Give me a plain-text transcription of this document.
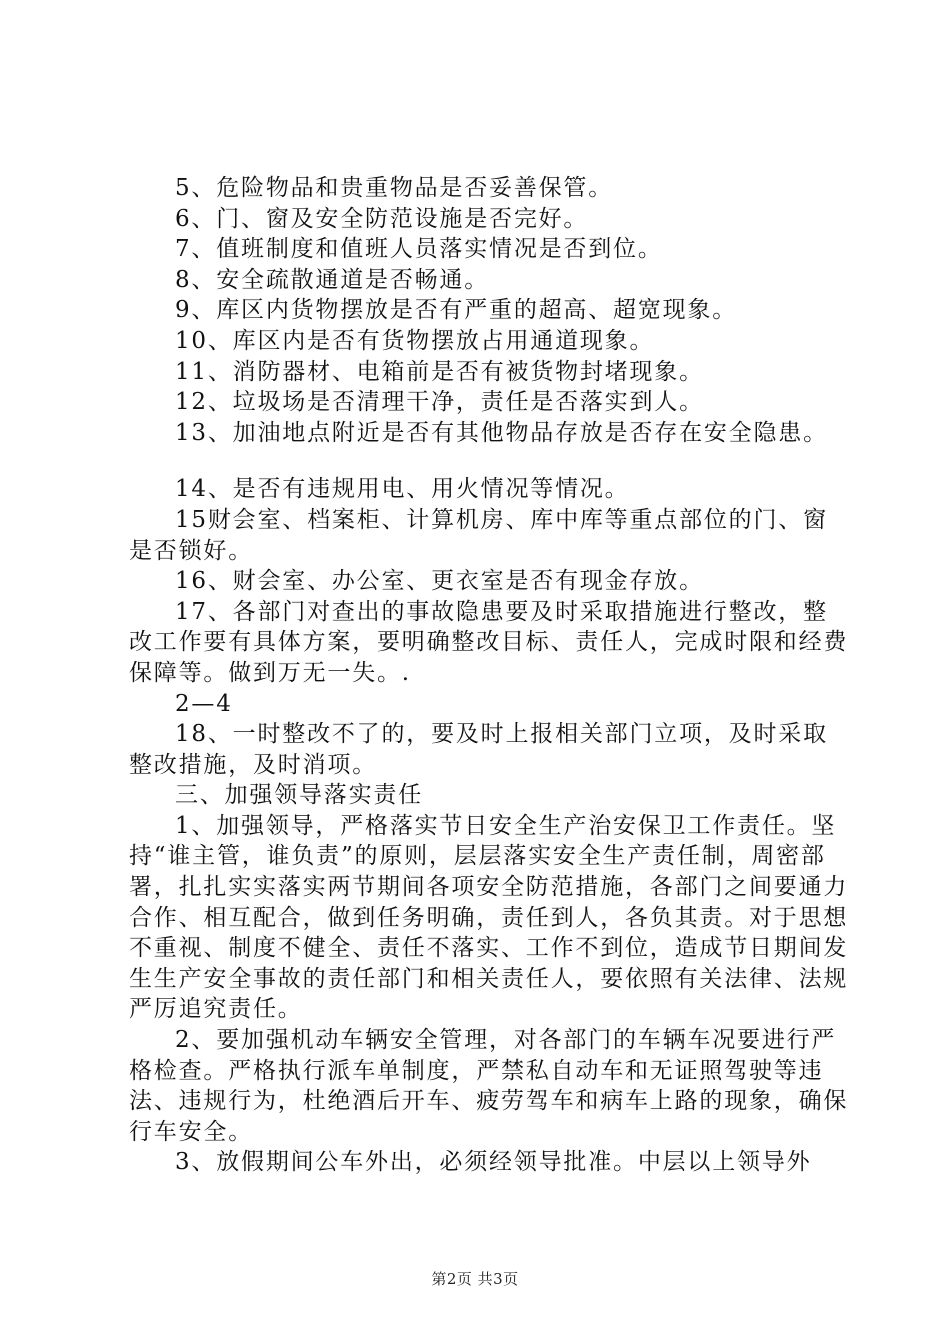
5、危险物品和贵重物品是否妥善保管。

6、门、窗及安全防范设施是否完好。

7、值班制度和值班人员落实情况是否到位。

8、安全疏散通道是否畅通。

9、库区内货物摆放是否有严重的超高、超宽现象。

10、库区内是否有货物摆放占用通道现象。

11、消防器材、电箱前是否有被货物封堵现象。

12、垃圾场是否清理干净，责任是否落实到人。

13、加油地点附近是否有其他物品存放是否存在安全隐患。

14、是否有违规用电、用火情况等情况。

15财会室、档案柜、计算机房、库中库等重点部位的门、窗是否锁好。

16、财会室、办公室、更衣室是否有现金存放。

17、各部门对查出的事故隐患要及时采取措施进行整改，整改工作要有具体方案，要明确整改目标、责任人，完成时限和经费保障等。做到万无一失。.

2—4

18、一时整改不了的，要及时上报相关部门立项，及时采取整改措施，及时消项。

三、加强领导落实责任

1、加强领导，严格落实节日安全生产治安保卫工作责任。坚持“谁主管，谁负责”的原则，层层落实安全生产责任制，周密部署，扎扎实实落实两节期间各项安全防范措施，各部门之间要通力合作、相互配合，做到任务明确，责任到人，各负其责。对于思想不重视、制度不健全、责任不落实、工作不到位，造成节日期间发生生产安全事故的责任部门和相关责任人，要依照有关法律、法规严厉追究责任。

2、要加强机动车辆安全管理，对各部门的车辆车况要进行严格检查。严格执行派车单制度，严禁私自动车和无证照驾驶等违法、违规行为，杜绝酒后开车、疲劳驾车和病车上路的现象，确保行车安全。

3、放假期间公车外出，必须经领导批准。中层以上领导外

第2页 共3页
